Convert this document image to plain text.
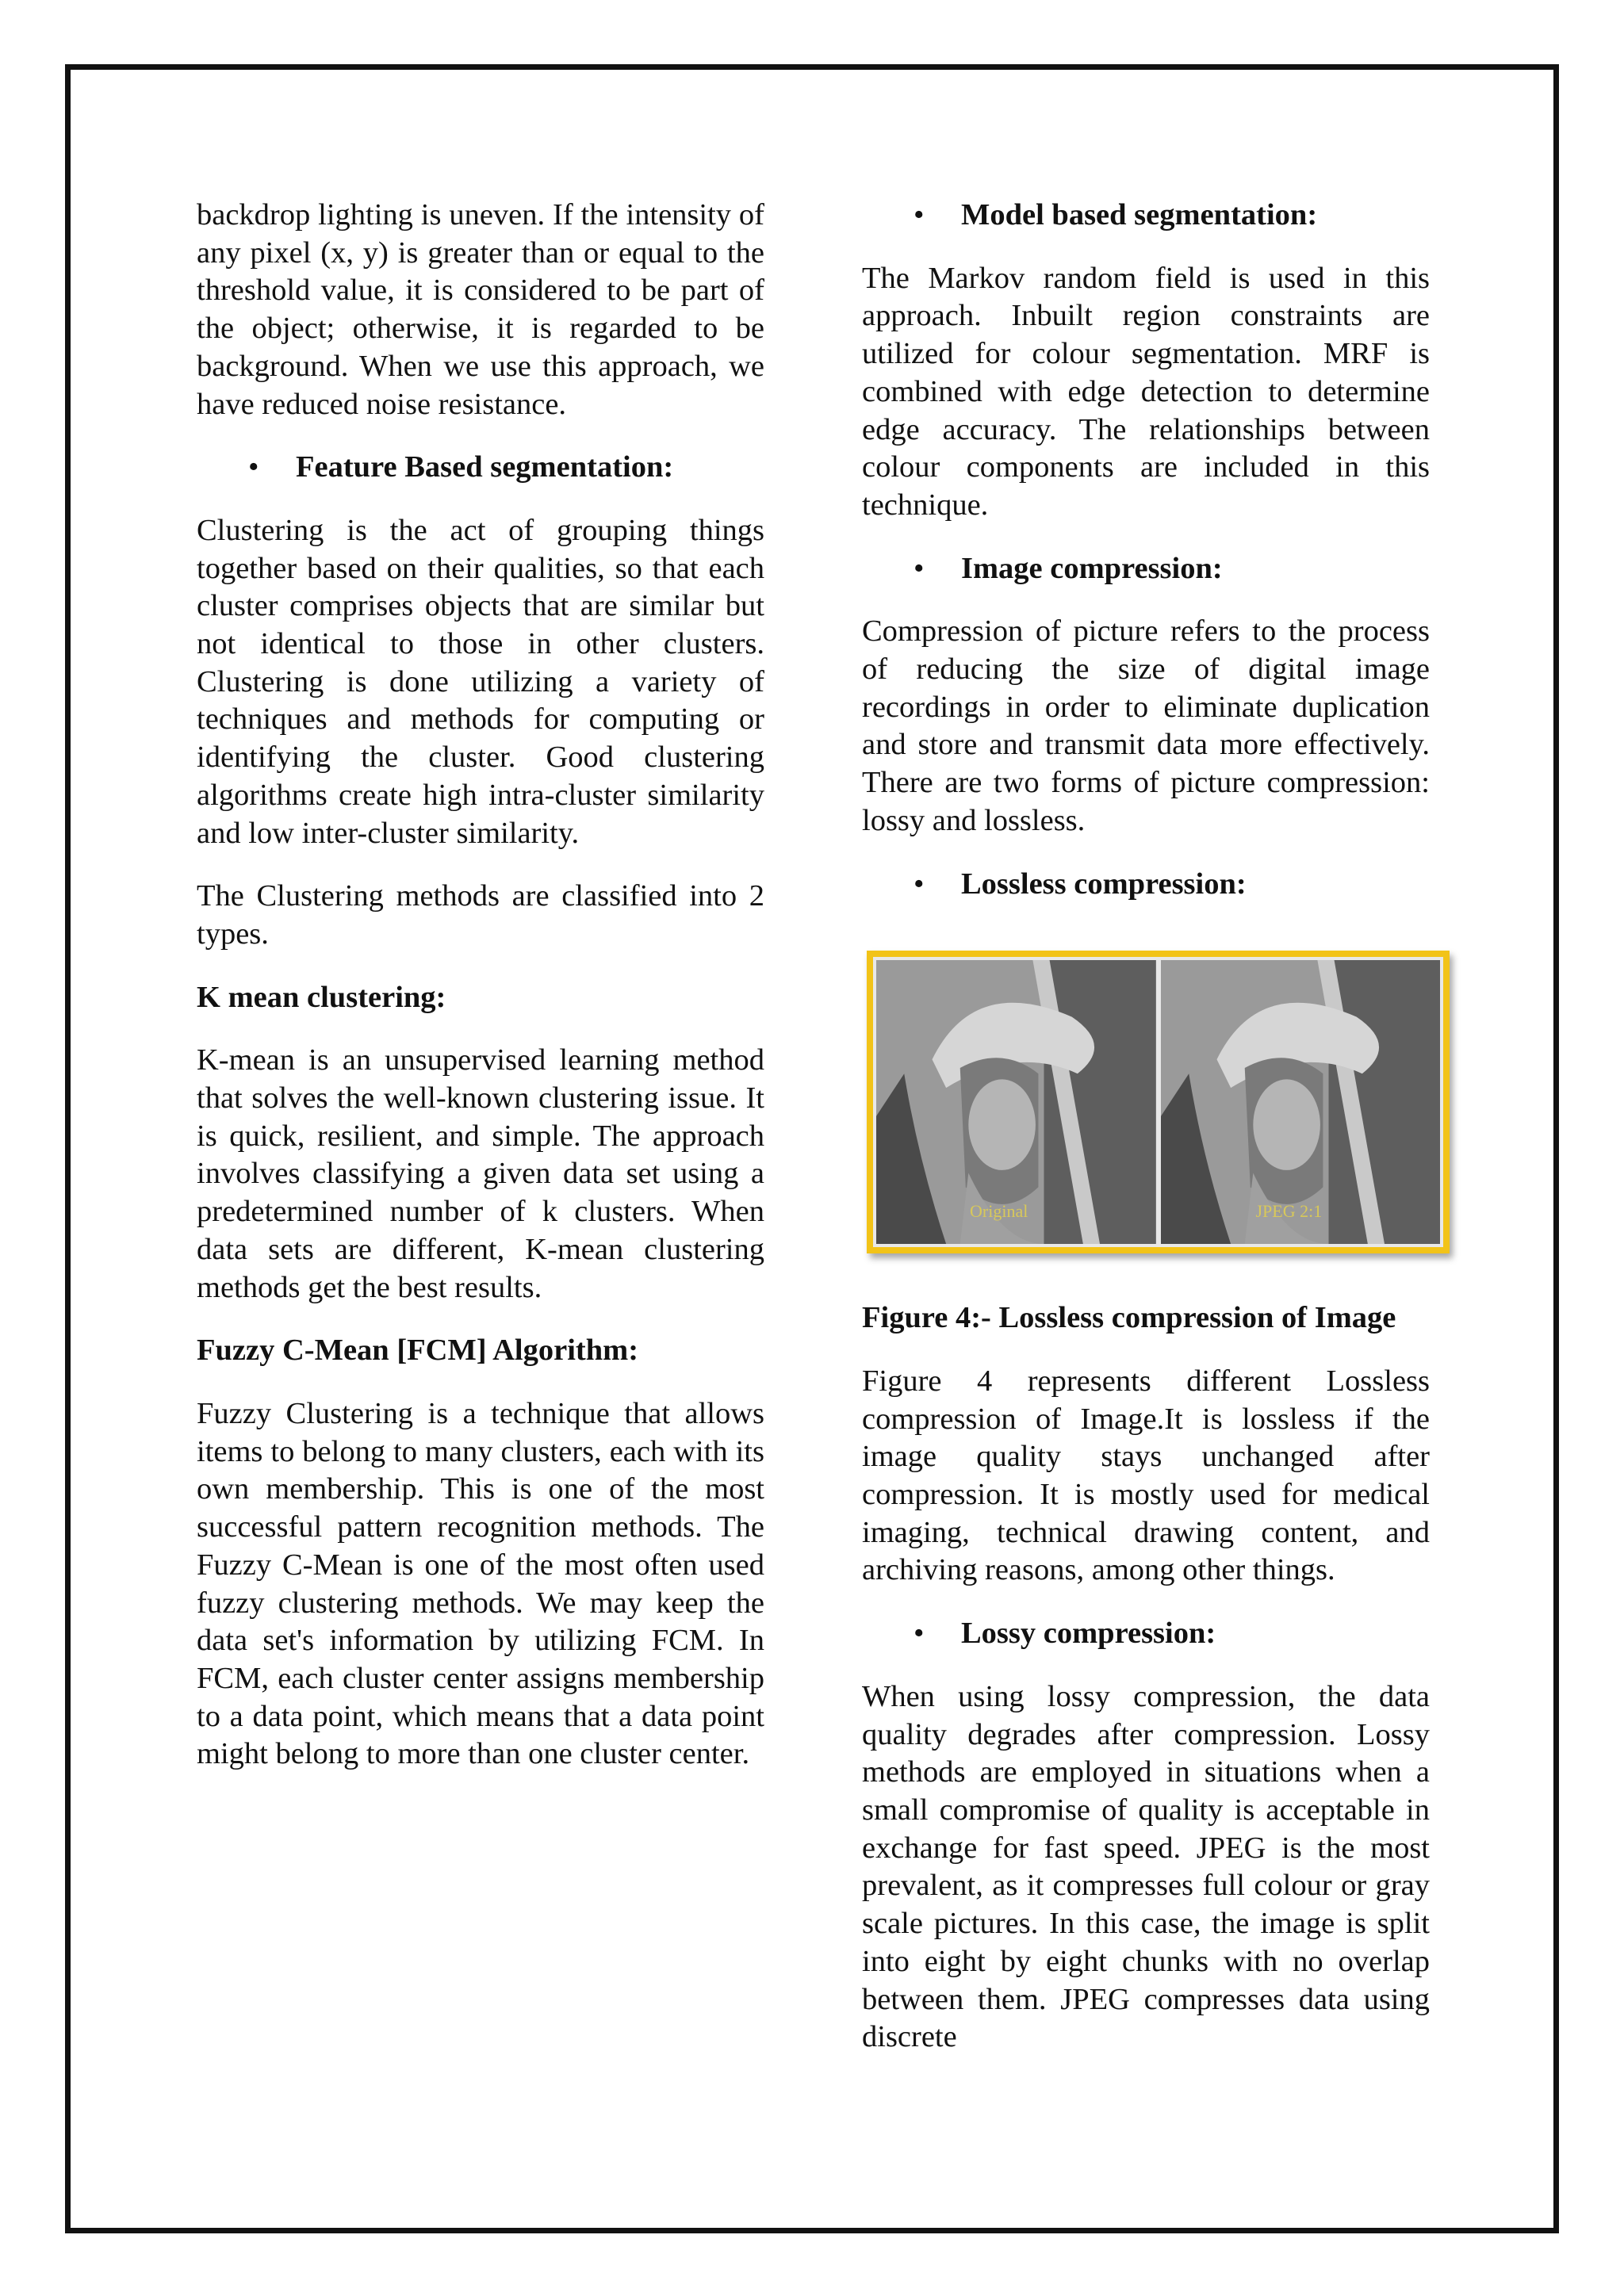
backdrop lighting is uneven. If the intensity of any pixel (x, y) is greater than or equal to the threshold value, it is considered to be part of the object; otherwise, it is regarded to be background. When we use this approach, we have reduced noise resistance.

• Feature Based segmentation:

Clustering is the act of grouping things together based on their qualities, so that each cluster comprises objects that are similar but not identical to those in other clusters. Clustering is done utilizing a variety of techniques and methods for computing or identifying the cluster. Good clustering algorithms create high intra-cluster similarity and low inter-cluster similarity.

The Clustering methods are classified into 2 types.

K mean clustering:

K-mean is an unsupervised learning method that solves the well-known clustering issue. It is quick, resilient, and simple. The approach involves classifying a given data set using a predetermined number of k clusters. When data sets are different, K-mean clustering methods get the best results.

Fuzzy C-Mean [FCM] Algorithm:

Fuzzy Clustering is a technique that allows items to belong to many clusters, each with its own membership. This is one of the most successful pattern recognition methods. The Fuzzy C-Mean is one of the most often used fuzzy clustering methods. We may keep the data set's information by utilizing FCM. In FCM, each cluster center assigns membership to a data point, which means that a data point might belong to more than one cluster center.

• Model based segmentation:

The Markov random field is used in this approach. Inbuilt region constraints are utilized for colour segmentation. MRF is combined with edge detection to determine edge accuracy. The relationships between colour components are included in this technique.

• Image compression:

Compression of picture refers to the process of reducing the size of digital image recordings in order to eliminate duplication and store and transmit data more effectively. There are two forms of picture compression: lossy and lossless.

• Lossless compression:
Original	JPEG 2:1
Figure 4:- Lossless compression of Image

Figure 4 represents different Lossless compression of Image.It is lossless if the image quality stays unchanged after compression. It is mostly used for medical imaging, technical drawing content, and archiving reasons, among other things.

• Lossy compression:

When using lossy compression, the data quality degrades after compression. Lossy methods are employed in situations when a small compromise of quality is acceptable in exchange for fast speed. JPEG is the most prevalent, as it compresses full colour or gray scale pictures. In this case, the image is split into eight by eight chunks with no overlap between them. JPEG compresses data using discrete
